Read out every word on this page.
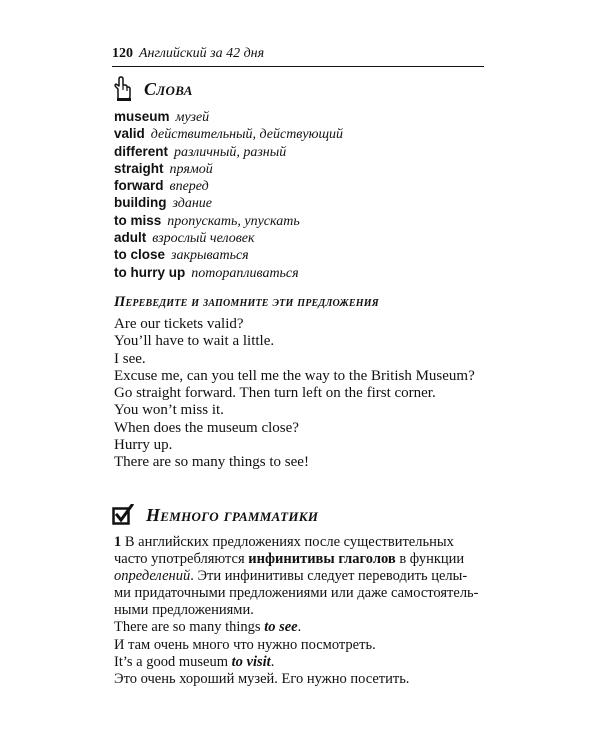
120 Английский за 42 дня
Слова
museum музей
valid действительный, действующий
different различный, разный
straight прямой
forward вперед
building здание
to miss пропускать, упускать
adult взрослый человек
to close закрываться
to hurry up поторапливаться
Переведите и запомните эти предложения
Are our tickets valid?
You’ll have to wait a little.
I see.
Excuse me, can you tell me the way to the British Museum?
Go straight forward. Then turn left on the first corner.
You won’t miss it.
When does the museum close?
Hurry up.
There are so many things to see!
Немного грамматики
1 В английских предложениях после существительных
часто употребляются инфинитивы глаголов в функции
определений. Эти инфинитивы следует переводить целы-
ми придаточными предложениями или даже самостоятель-
ными предложениями.
There are so many things to see.
И там очень много что нужно посмотреть.
It’s a good museum to visit.
Это очень хороший музей. Его нужно посетить.
